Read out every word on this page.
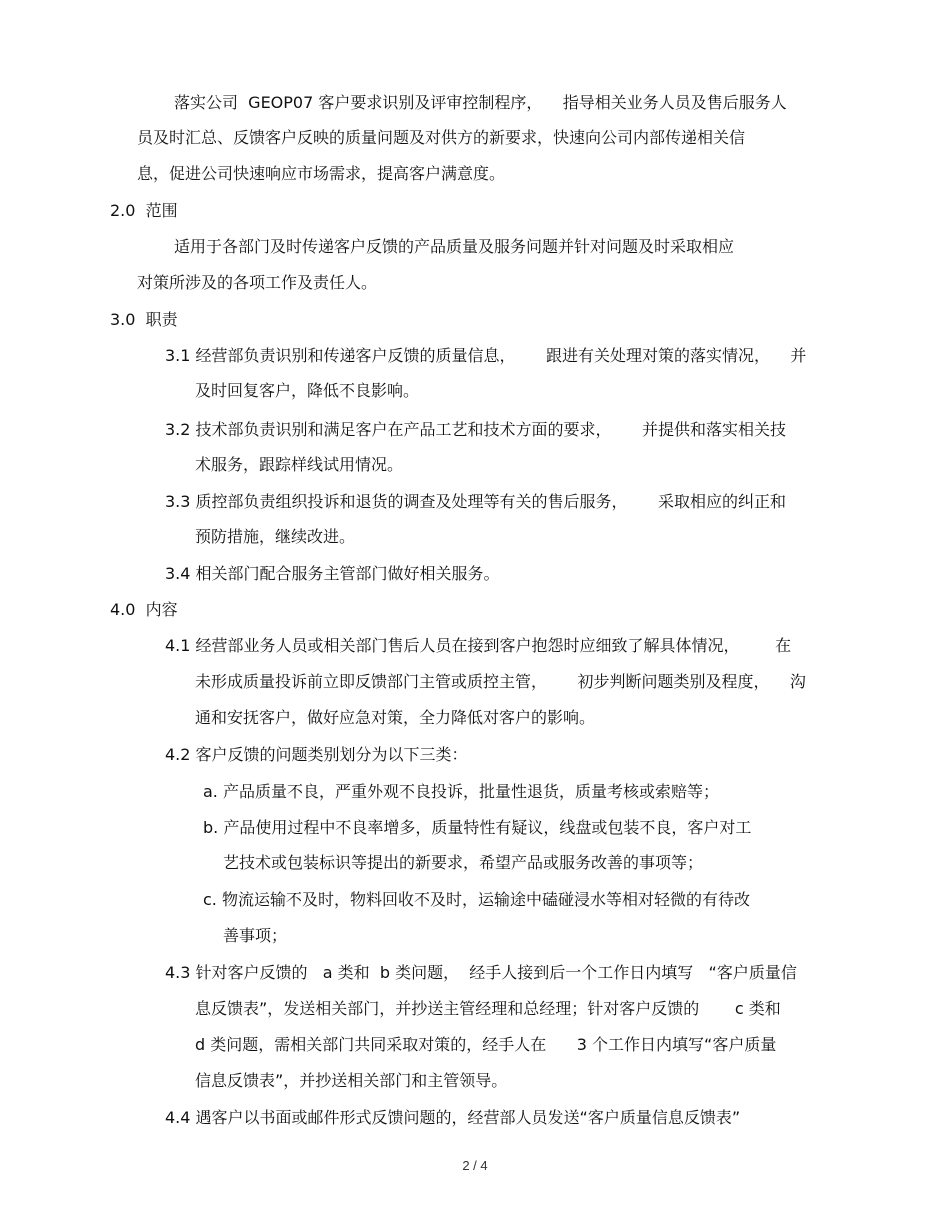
落实公司  GEOP07 客户要求识别及评审控制程序，    指导相关业务人员及售后服务人
员及时汇总、反馈客户反映的质量问题及对供方的新要求，快速向公司内部传递相关信
息，促进公司快速响应市场需求，提高客户满意度。
2.0  范围
适用于各部门及时传递客户反馈的产品质量及服务问题并针对问题及时采取相应
对策所涉及的各项工作及责任人。
3.0  职责
3.1 经营部负责识别和传递客户反馈的质量信息，      跟进有关处理对策的落实情况，    并
及时回复客户，降低不良影响。
3.2 技术部负责识别和满足客户在产品工艺和技术方面的要求，      并提供和落实相关技
术服务，跟踪样线试用情况。
3.3 质控部负责组织投诉和退货的调查及处理等有关的售后服务，      采取相应的纠正和
预防措施，继续改进。
3.4 相关部门配合服务主管部门做好相关服务。
4.0  内容
4.1 经营部业务人员或相关部门售后人员在接到客户抱怨时应细致了解具体情况，       在
未形成质量投诉前立即反馈部门主管或质控主管，      初步判断问题类别及程度，    沟
通和安抚客户，做好应急对策，全力降低对客户的影响。
4.2 客户反馈的问题类别划分为以下三类：
a. 产品质量不良，严重外观不良投诉，批量性退货，质量考核或索赔等；
b. 产品使用过程中不良率增多，质量特性有疑议，线盘或包装不良，客户对工
艺技术或包装标识等提出的新要求，希望产品或服务改善的事项等；
c. 物流运输不及时，物料回收不及时，运输途中磕碰浸水等相对轻微的有待改
善事项；
4.3 针对客户反馈的   a 类和  b 类问题，  经手人接到后一个工作日内填写   “客户质量信
息反馈表”，发送相关部门，并抄送主管经理和总经理；针对客户反馈的       c 类和
d 类问题，需相关部门共同采取对策的，经手人在      3 个工作日内填写“客户质量
信息反馈表”，并抄送相关部门和主管领导。
4.4 遇客户以书面或邮件形式反馈问题的，经营部人员发送“客户质量信息反馈表”
2 / 4
